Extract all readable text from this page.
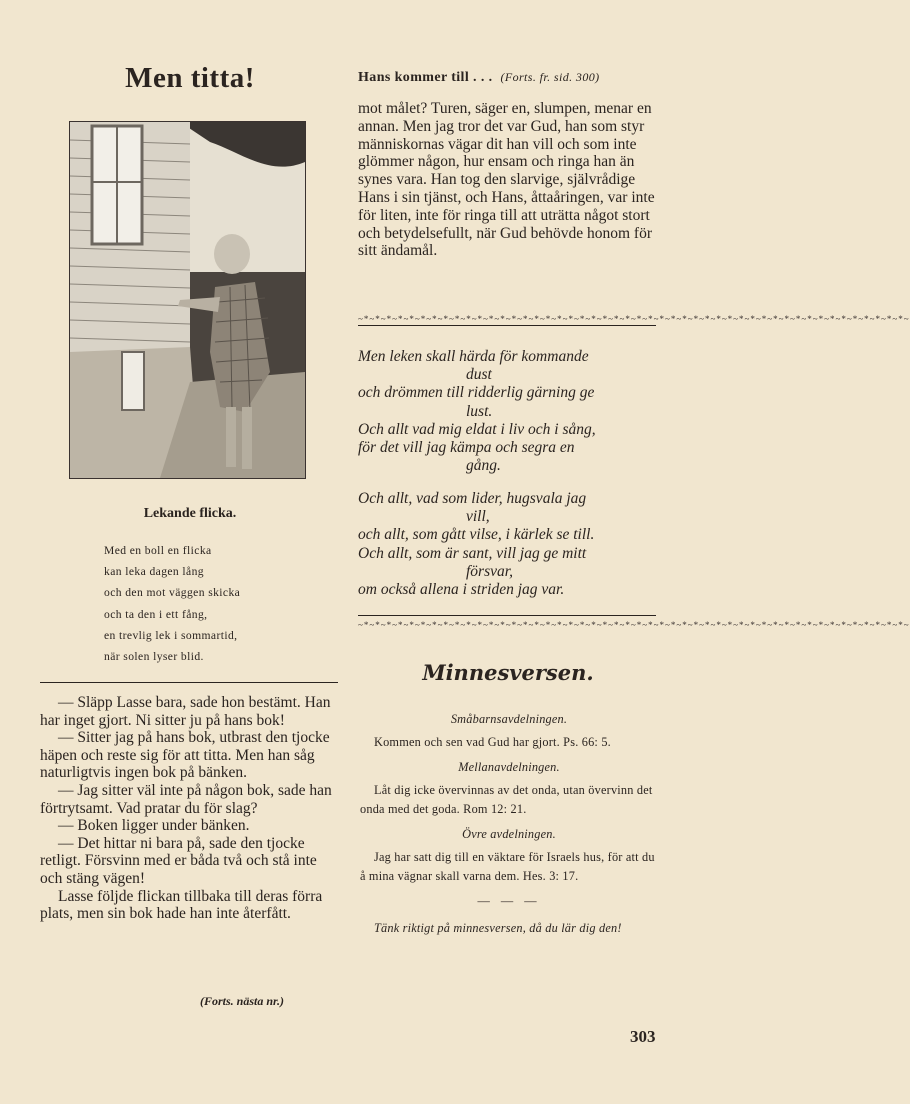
Men titta!
Lekande flicka.
Med en boll en flicka
kan leka dagen lång
och den mot väggen skicka
och ta den i ett fång,
en trevlig lek i sommartid,
när solen lyser blid.

— Släpp Lasse bara, sade hon bestämt. Han har inget gjort. Ni sitter ju på hans bok!

— Sitter jag på hans bok, utbrast den tjocke häpen och reste sig för att titta. Men han såg naturligtvis ingen bok på bänken.

— Jag sitter väl inte på någon bok, sade han förtrytsamt. Vad pratar du för slag?

— Boken ligger under bänken.

— Det hittar ni bara på, sade den tjocke retligt. Försvinn med er båda två och stå inte och stäng vägen!

Lasse följde flickan tillbaka till deras förra plats, men sin bok hade han inte återfått.

(Forts. nästa nr.)
Hans kommer till . . . (Forts. fr. sid. 300)

mot målet? Turen, säger en, slumpen, menar en annan. Men jag tror det var Gud, han som styr människornas vägar dit han vill och som inte glömmer någon, hur ensam och ringa han än synes vara. Han tog den slarvige, självrådige Hans i sin tjänst, och Hans, åttaåringen, var inte för liten, inte för ringa till att uträtta något stort och betydelsefullt, när Gud behövde honom för sitt ändamål.

~*~*~*~*~*~*~*~*~*~*~*~*~*~*~*~*~*~*~*~*~*~*~*~*~*~*~*~*~*~*~*~*~*~*~*~*~*~*~*~*~*~*~*~*~*~*~*~*~
Men leken skall härda för kommande
dust
och drömmen till ridderlig gärning ge
lust.
Och allt vad mig eldat i liv och i sång,
för det vill jag kämpa och segra en
gång.
Och allt, vad som lider, hugsvala jag
vill,
och allt, som gått vilse, i kärlek se till.
Och allt, som är sant, vill jag ge mitt
försvar,
om också allena i striden jag var.
~*~*~*~*~*~*~*~*~*~*~*~*~*~*~*~*~*~*~*~*~*~*~*~*~*~*~*~*~*~*~*~*~*~*~*~*~*~*~*~*~*~*~*~*~*~*~*~*~
Minnesversen.
Småbarnsavdelningen.

Kommen och sen vad Gud har gjort. Ps. 66: 5.

Mellanavdelningen.

Låt dig icke övervinnas av det onda, utan övervinn det onda med det goda. Rom 12: 21.

Övre avdelningen.

Jag har satt dig till en väktare för Israels hus, för att du å mina vägnar skall varna dem. Hes. 3: 17.

— — —

Tänk riktigt på minnesversen, då du lär dig den!

303
